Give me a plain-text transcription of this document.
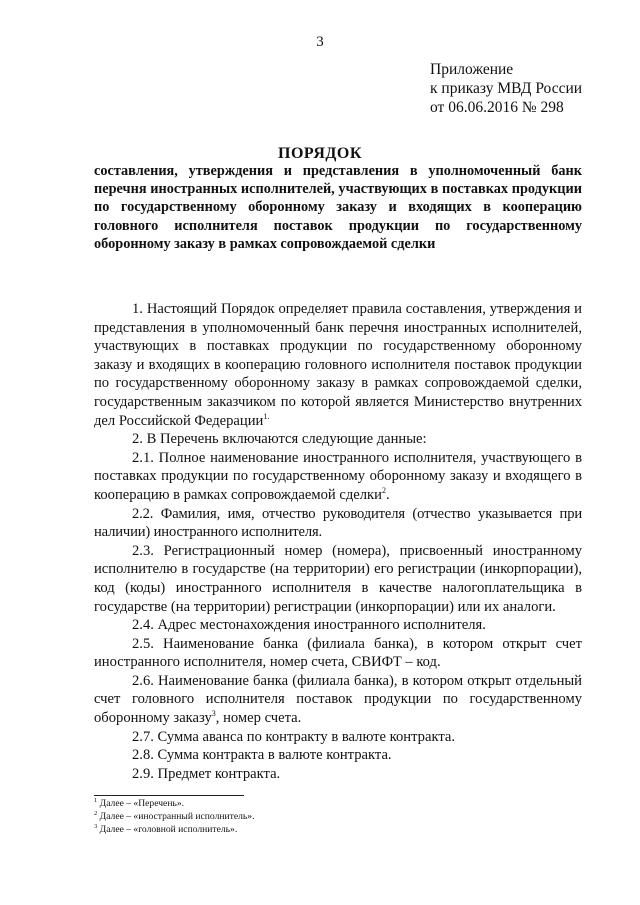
3
Приложение
к приказу МВД России
от 06.06.2016 № 298
ПОРЯДОК
составления, утверждения и представления в уполномоченный банк перечня иностранных исполнителей, участвующих в поставках продукции по государственному оборонному заказу и входящих в кооперацию головного исполнителя поставок продукции по государственному оборонному заказу в рамках сопровождаемой сделки

1. Настоящий Порядок определяет правила составления, утверждения и представления в уполномоченный банк перечня иностранных исполнителей, участвующих в поставках продукции по государственному оборонному заказу и входящих в кооперацию головного исполнителя поставок продукции по государственному оборонному заказу в рамках сопровождаемой сделки, государственным заказчиком по которой является Министерство внутренних дел Российской Федерации$^{1.}$

2. В Перечень включаются следующие данные:

2.1. Полное наименование иностранного исполнителя, участвующего в поставках продукции по государственному оборонному заказу и входящего в кооперацию в рамках сопровождаемой сделки$^2$.

2.2. Фамилия, имя, отчество руководителя (отчество указывается при наличии) иностранного исполнителя.

2.3. Регистрационный номер (номера), присвоенный иностранному исполнителю в государстве (на территории) его регистрации (инкорпорации), код (коды) иностранного исполнителя в качестве налогоплательщика в государстве (на территории) регистрации (инкорпорации) или их аналоги.

2.4. Адрес местонахождения иностранного исполнителя.

2.5. Наименование банка (филиала банка), в котором открыт счет иностранного исполнителя, номер счета, СВИФТ – код.

2.6. Наименование банка (филиала банка), в котором открыт отдельный счет головного исполнителя поставок продукции по государственному оборонному заказу$^3$, номер счета.

2.7. Сумма аванса по контракту в валюте контракта.

2.8. Сумма контракта в валюте контракта.

2.9. Предмет контракта.

$^1$ Далее – «Перечень».
$^2$ Далее – «иностранный исполнитель».
$^3$ Далее – «головной исполнитель».
